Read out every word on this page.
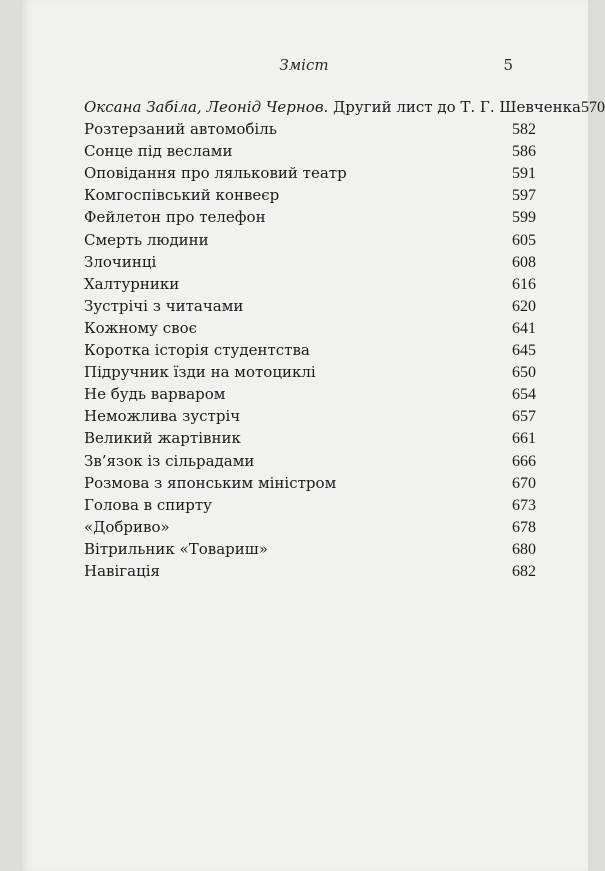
Зміст	5
Оксана Забіла, Леонід Чернов. Другий лист до Т. Г. Шевченка 570
Розтерзаний автомобіль	582
Сонце під веслами	586
Оповідання про ляльковий театр	591
Комгоспівський конвеєр	597
Фейлетон про телефон	599
Смерть людини	605
Злочинці	608
Халтурники	616
Зустрічі з читачами	620
Кожному своє	641
Коротка історія студентства	645
Підручник їзди на мотоциклі	650
Не будь варваром	654
Неможлива зустріч	657
Великий жартівник	661
Зв’язок із сільрадами	666
Розмова з японським міністром	670
Голова в спирту	673
«Добриво»	678
Вітрильник «Товариш»	680
Навігація	682
